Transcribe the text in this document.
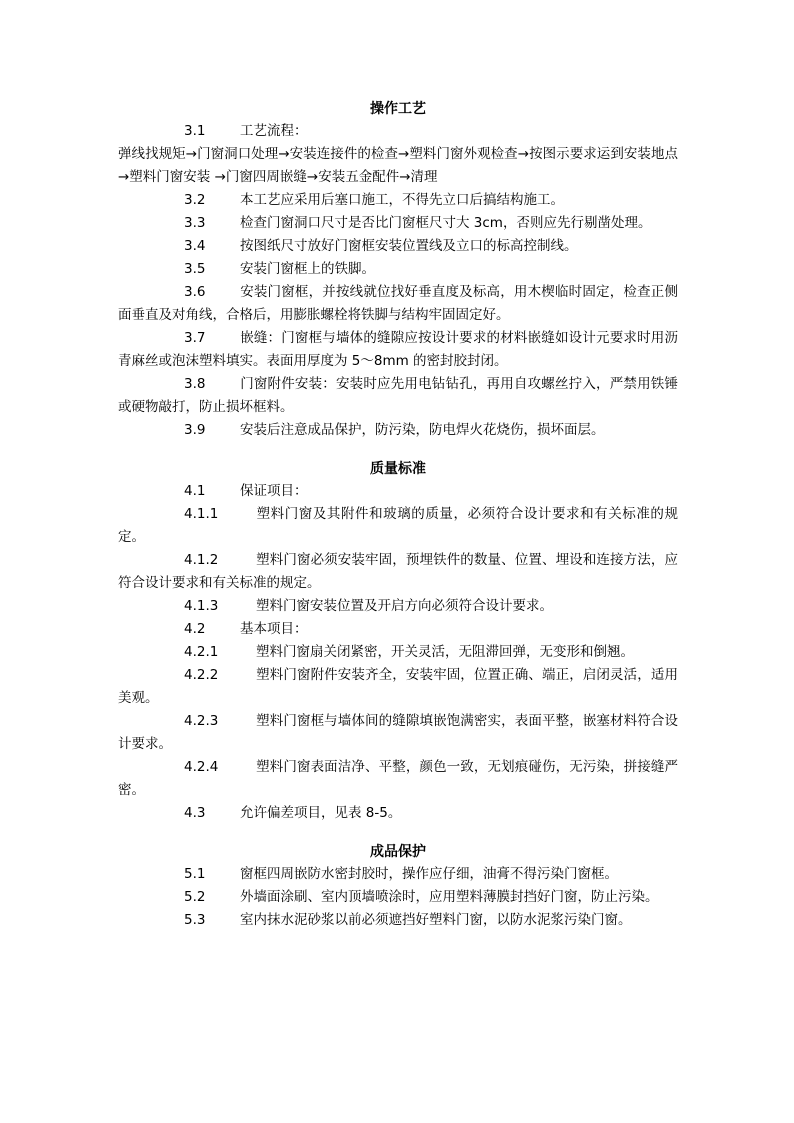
操作工艺

3.1	工艺流程：

弹线找规矩→门窗洞口处理→安装连接件的检查→塑料门窗外观检查→按图示要求运到安装地点→塑料门窗安装 →门窗四周嵌缝→安装五金配件→清理

3.2	本工艺应采用后塞口施工，不得先立口后搞结构施工。

3.3	检查门窗洞口尺寸是否比门窗框尺寸大 3cm，否则应先行剔凿处理。

3.4	按图纸尺寸放好门窗框安装位置线及立口的标高控制线。

3.5	安装门窗框上的铁脚。

3.6	安装门窗框，并按线就位找好垂直度及标高，用木楔临时固定，检查正侧面垂直及对角线，合格后，用膨胀螺栓将铁脚与结构牢固固定好。

3.7	嵌缝：门窗框与墙体的缝隙应按设计要求的材料嵌缝如设计元要求时用沥青麻丝或泡沫塑料填实。表面用厚度为 5～8mm 的密封胶封闭。

3.8	门窗附件安装：安装时应先用电钻钻孔，再用自攻螺丝拧入，严禁用铁锤或硬物敲打，防止损坏框料。

3.9	安装后注意成品保护，防污染，防电焊火花烧伤，损坏面层。

质量标准

4.1	保证项目：

4.1.1	塑料门窗及其附件和玻璃的质量，必须符合设计要求和有关标准的规定。

4.1.2	塑料门窗必须安装牢固，预埋铁件的数量、位置、埋设和连接方法，应符合设计要求和有关标准的规定。

4.1.3	塑料门窗安装位置及开启方向必须符合设计要求。

4.2	基本项目：

4.2.1	塑料门窗扇关闭紧密，开关灵活，无阻滞回弹，无变形和倒翘。

4.2.2	塑料门窗附件安装齐全，安装牢固，位置正确、端正，启闭灵活，适用美观。

4.2.3	塑料门窗框与墙体间的缝隙填嵌饱满密实，表面平整，嵌塞材料符合设计要求。

4.2.4	塑料门窗表面洁净、平整，颜色一致，无划痕碰伤，无污染，拼接缝严密。

4.3	允许偏差项目，见表 8-5。

成品保护

5.1	窗框四周嵌防水密封胶时，操作应仔细，油膏不得污染门窗框。

5.2	外墙面涂刷、室内顶墙喷涂时，应用塑料薄膜封挡好门窗，防止污染。

5.3	室内抹水泥砂浆以前必须遮挡好塑料门窗，以防水泥浆污染门窗。
